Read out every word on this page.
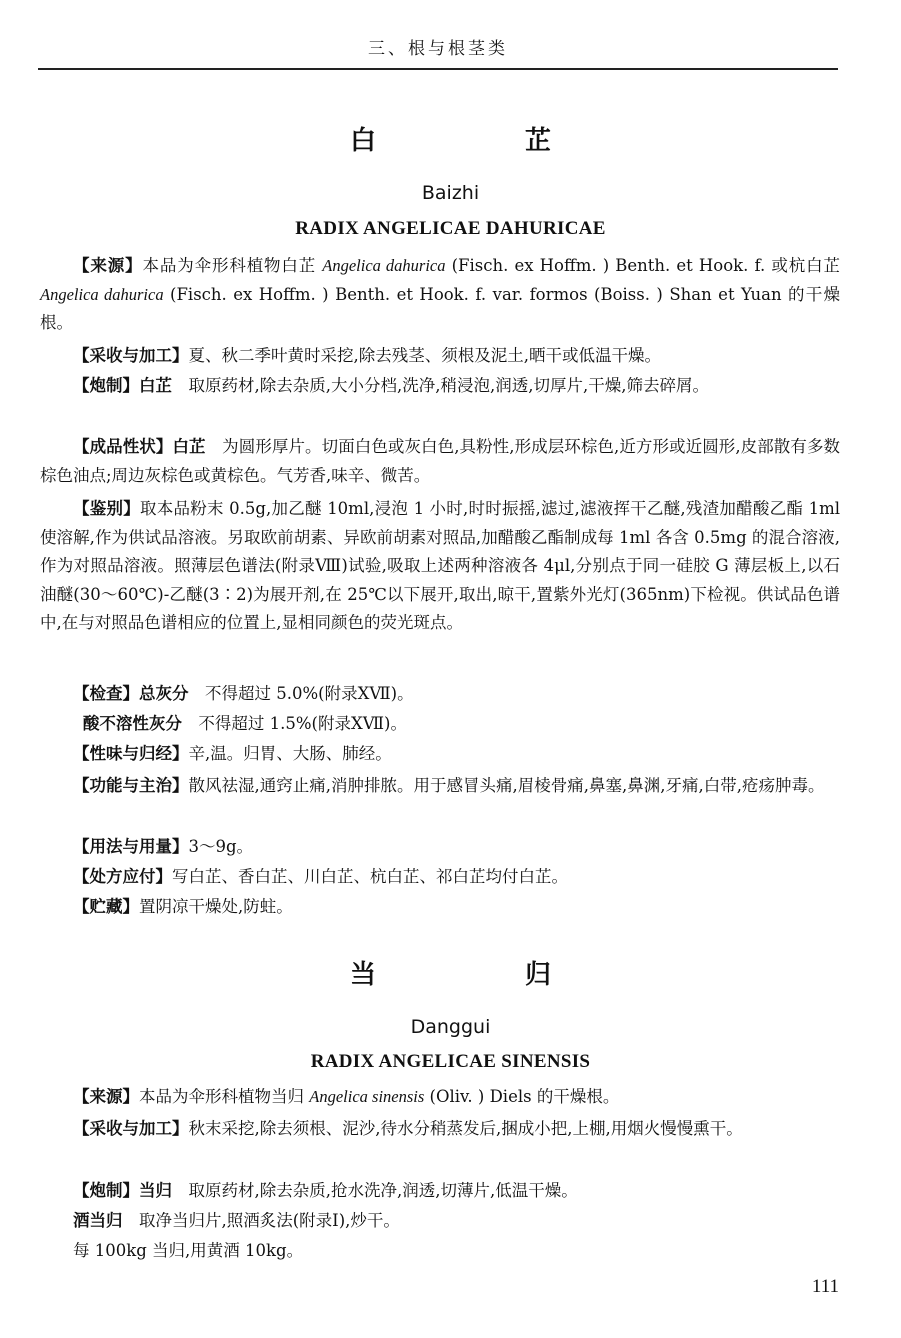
三、根与根茎类
白 芷
Baizhi
RADIX ANGELICAE DAHURICAE

【来源】本品为伞形科植物白芷 Angelica dahurica (Fisch. ex Hoffm. ) Benth. et Hook. f. 或杭白芷 Angelica dahurica (Fisch. ex Hoffm. ) Benth. et Hook. f. var. formos (Boiss. ) Shan et Yuan 的干燥根。

【采收与加工】夏、秋二季叶黄时采挖,除去残茎、须根及泥土,晒干或低温干燥。

【炮制】白芷　取原药材,除去杂质,大小分档,洗净,稍浸泡,润透,切厚片,干燥,筛去碎屑。

【成品性状】白芷　为圆形厚片。切面白色或灰白色,具粉性,形成层环棕色,近方形或近圆形,皮部散有多数棕色油点;周边灰棕色或黄棕色。气芳香,味辛、微苦。

【鉴别】取本品粉末 0.5g,加乙醚 10ml,浸泡 1 小时,时时振摇,滤过,滤液挥干乙醚,残渣加醋酸乙酯 1ml 使溶解,作为供试品溶液。另取欧前胡素、异欧前胡素对照品,加醋酸乙酯制成每 1ml 各含 0.5mg 的混合溶液,作为对照品溶液。照薄层色谱法(附录Ⅷ)试验,吸取上述两种溶液各 4μl,分别点于同一硅胶 G 薄层板上,以石油醚(30～60℃)-乙醚(3∶2)为展开剂,在 25℃以下展开,取出,晾干,置紫外光灯(365nm)下检视。供试品色谱中,在与对照品色谱相应的位置上,显相同颜色的荧光斑点。

【检查】总灰分　不得超过 5.0%(附录ⅩⅦ)。

酸不溶性灰分　不得超过 1.5%(附录ⅩⅦ)。

【性味与归经】辛,温。归胃、大肠、肺经。

【功能与主治】散风祛湿,通窍止痛,消肿排脓。用于感冒头痛,眉棱骨痛,鼻塞,鼻渊,牙痛,白带,疮疡肿毒。

【用法与用量】3～9g。

【处方应付】写白芷、香白芷、川白芷、杭白芷、祁白芷均付白芷。

【贮藏】置阴凉干燥处,防蛀。

当 归
Danggui
RADIX ANGELICAE SINENSIS

【来源】本品为伞形科植物当归 Angelica sinensis (Oliv. ) Diels 的干燥根。

【采收与加工】秋末采挖,除去须根、泥沙,待水分稍蒸发后,捆成小把,上棚,用烟火慢慢熏干。

【炮制】当归　取原药材,除去杂质,抢水洗净,润透,切薄片,低温干燥。

酒当归　取净当归片,照酒炙法(附录Ⅰ),炒干。

每 100kg 当归,用黄酒 10kg。

111
